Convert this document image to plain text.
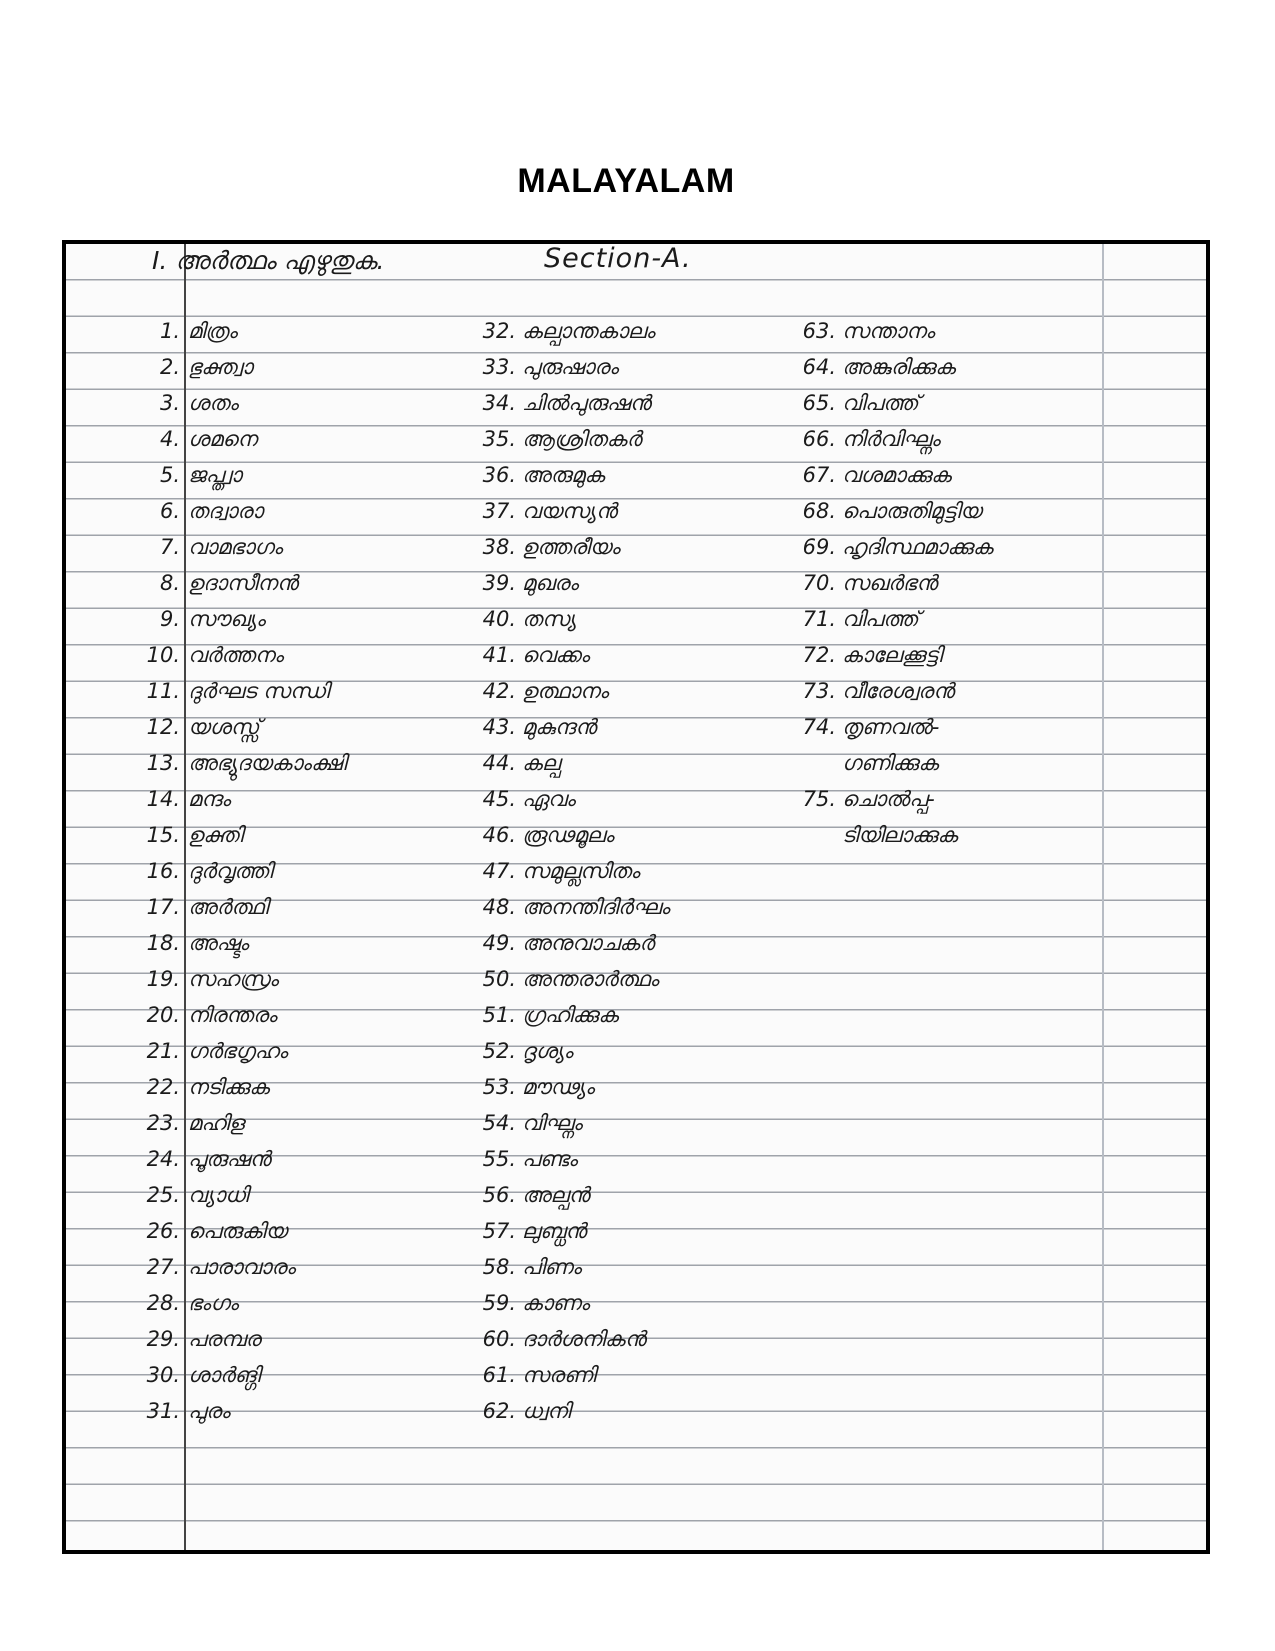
MALAYALAM
I. അർത്ഥം എഴുതുക.	Section-A.
1. മിത്രം
2. ഭുക്ത്വാ
3. ശതം
4. ശമനെ
5. ജപ്ത്വാ
6. തദ്വാരാ
7. വാമഭാഗം
8. ഉദാസീനൻ
9. സൗഖ്യം
10. വർത്തനം
11. ദുർഘട സന്ധി
12. യശസ്സ്
13. അഭ്യുദയകാംക്ഷി
14. മന്ദം
15. ഉക്തി
16. ദുർവൃത്തി
17. അർത്ഥി
18. അഷ്ടം
19. സഹസ്രം
20. നിരന്തരം
21. ഗർഭഗൃഹം
22. നടിക്കുക
23. മഹിള
24. പൂരുഷൻ
25. വ്യാധി
26. പെരുകിയ
27. പാരാവാരം
28. ഭംഗം
29. പരമ്പര
30. ശാർങ്ഗി
31. പുരം
32. കല്പാന്തകാലം
33. പുരുഷാരം
34. ചിൽപുരുഷൻ
35. ആശ്രിതകർ
36. അരുമുക
37. വയസ്യൻ
38. ഉത്തരീയം
39. മുഖരം
40. തസ്യ
41. വെക്കം
42. ഉത്ഥാനം
43. മുകുന്ദൻ
44. കല്പ
45. ഏവം
46. രൂഢമൂലം
47. സമുല്ലസിതം
48. അനന്തിദിർഘം
49. അനുവാചകർ
50. അന്തരാർത്ഥം
51. ഗ്രഹിക്കുക
52. ദൃശ്യം
53. മൗഢ്യം
54. വിഘ്നം
55. പണ്ടം
56. അല്പൻ
57. ലുബ്ധൻ
58. പിണം
59. കാണം
60. ദാർശനികൻ
61. സരണി
62. ധ്വനി
63. സന്താനം
64. അങ്കുരിക്കുക
65. വിപത്ത്
66. നിർവിഘ്നം
67. വശമാക്കുക
68. പൊരുതിമുട്ടിയ
69. ഹൃദിസ്ഥമാക്കുക
70. സഖർഭൻ
71. വിപത്ത്
72. കാലേക്കൂട്ടി
73. വീരേശ്വരൻ
74. തൃണവൽ-
ഗണിക്കുക
75. ചൊൽപ്പ-
ടിയിലാക്കുക
